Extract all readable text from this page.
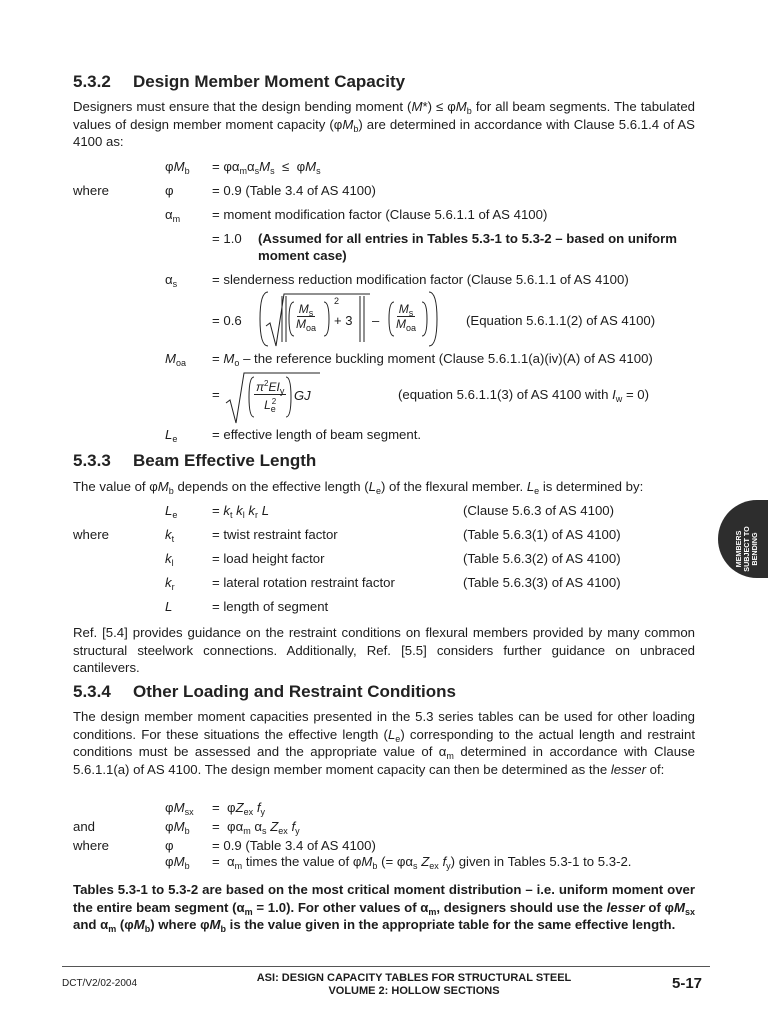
5.3.2 Design Member Moment Capacity

Designers must ensure that the design bending moment $(M*) \le \varphi M_b$ for all beam segments. The tabulated values of design member moment capacity $(\varphi M_b)$ are determined in accordance with Clause 5.6.1.4 of AS 4100 as:

$\varphi M_b = \varphi\alpha_m\alpha_sM_s \le \varphi M_s$
where	φ	= 0.9 (Table 3.4 of AS 4100)
$\alpha_m$ = moment modification factor (Clause 5.6.1.1 of AS 4100)
= 1.0 (Assumed for all entries in Tables 5.3-1 to 5.3-2 – based on uniform moment case)
$\alpha_s$	= slenderness reduction modification factor (Clause 5.6.1.1 of AS 4100)
= 0.6
$M_s$
$M_{oa}$
2
+ 3 –
$M_s$
$M_{oa}$	(Equation 5.6.1.1(2) of AS 4100)
$M_{oa} = M_o$ – the reference buckling moment (Clause 5.6.1.1(a)(iv)(A) of AS 4100)
=	$\pi^2EI_y$
$L_e^2$ GJ	(equation 5.6.1.1(3) of AS 4100 with $I_w = 0$)
$L_e$	= effective length of beam segment.
5.3.3 Beam Effective Length

The value of $\varphi M_b$ depends on the effective length $(L_e)$ of the flexural member. $L_e$ is determined by:

$L_e$	= $k_t$ $k_l$ $k_r$ L	(Clause 5.6.3 of AS 4100)
where	$k_t$	= twist restraint factor	(Table 5.6.3(1) of AS 4100)
$k_l$	= load height factor	(Table 5.6.3(2) of AS 4100)
$k_r$	= lateral rotation restraint factor	(Table 5.6.3(3) of AS 4100)
L	= length of segment

Ref. [5.4] provides guidance on the restraint conditions on flexural members provided by many common structural steelwork connections. Additionally, Ref. [5.5] considers further guidance on unbraced cantilevers.

5.3.4 Other Loading and Restraint Conditions

The design member moment capacities presented in the 5.3 series tables can be used for other loading conditions. For these situations the effective length $(L_e)$ corresponding to the actual length and restraint conditions must be assessed and the appropriate value of $\alpha_m$ determined in accordance with Clause 5.6.1.1(a) of AS 4100. The design member moment capacity can then be determined as the lesser of:

$\varphi M_{sx} = \varphi Z_{ex}$ $f_y$
and	$\varphi M_b = \varphi\alpha_m$ $\alpha_s$ $Z_{ex}$ $f_y$
where	φ	= 0.9 (Table 3.4 of AS 4100)
$\varphi M_b = \alpha_m$ times the value of $\varphi M_b$ (= $\varphi\alpha_s$ $Z_{ex}$ $f_y$) given in Tables 5.3-1 to 5.3-2.

Tables 5.3-1 to 5.3-2 are based on the most critical moment distribution – i.e. uniform moment over the entire beam segment $(\alpha_m = 1.0)$. For other values of $\alpha_m$, designers should use the lesser of $\varphi M_{sx}$ and $\alpha_m$ $(\varphi M_b)$ where $\varphi M_b$ is the value given in the appropriate table for the same effective length.

MEMBERS SUBJECT TO BENDING
DCT/V2/02-2004	ASI: DESIGN CAPACITY TABLES FOR STRUCTURAL STEEL
VOLUME 2: HOLLOW SECTIONS	5-17
